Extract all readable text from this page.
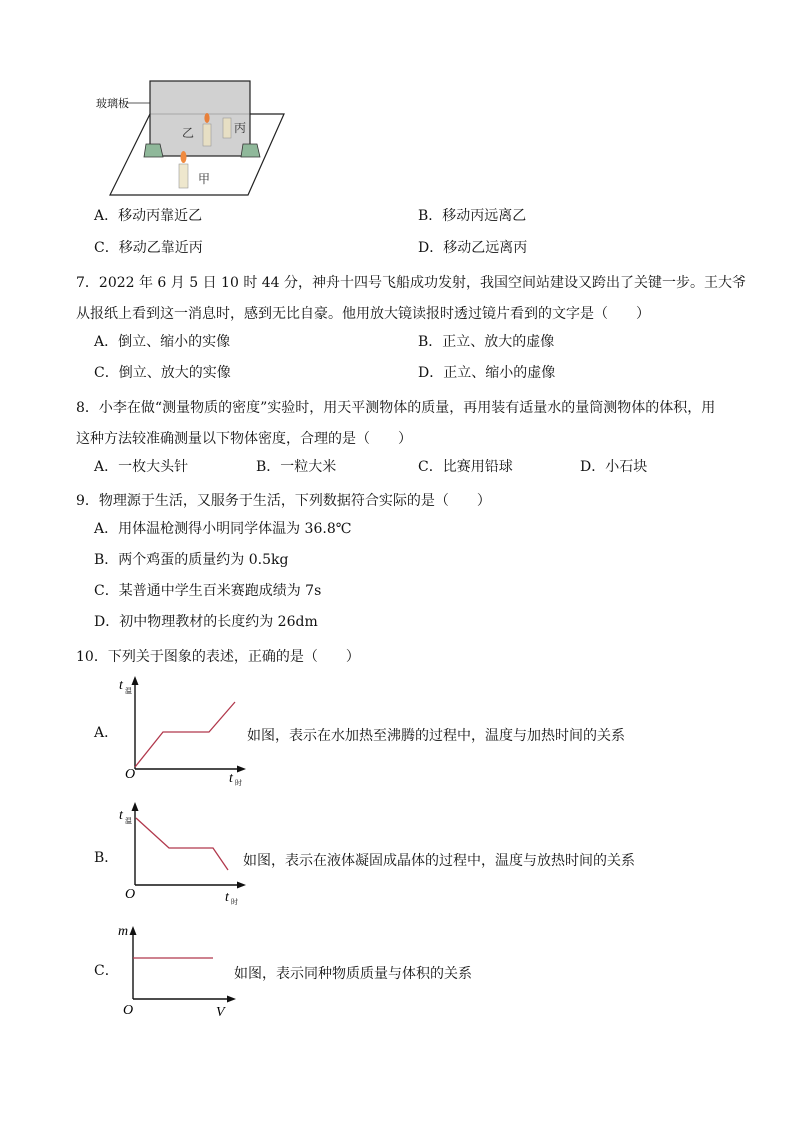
玻璃板
乙	丙
甲
A．移动丙靠近乙	B．移动丙远离乙
C．移动乙靠近丙	D．移动乙远离丙
7．2022 年 6 月 5 日 10 时 44 分，神舟十四号飞船成功发射，我国空间站建设又跨出了关键一步。王大爷
从报纸上看到这一消息时，感到无比自豪。他用放大镜读报时透过镜片看到的文字是（　　）
A．倒立、缩小的实像	B．正立、放大的虚像
C．倒立、放大的实像	D．正立、缩小的虚像
8．小李在做“测量物质的密度”实验时，用天平测物体的质量，再用装有适量水的量筒测物体的体积，用
这种方法较准确测量以下物体密度，合理的是（　　）
A．一枚大头针	B．一粒大米	C．比赛用铅球	D．小石块
9．物理源于生活，又服务于生活，下列数据符合实际的是（　　）
A．用体温枪测得小明同学体温为 36.8℃
B．两个鸡蛋的质量约为 0.5kg
C．某普通中学生百米赛跑成绩为 7s
D．初中物理教材的长度约为 26dm
10．下列关于图象的表述，正确的是（　　）
A．
t 温
O	t 时
如图，表示在水加热至沸腾的过程中，温度与加热时间的关系
B．
t 温
O	t 时
如图，表示在液体凝固成晶体的过程中，温度与放热时间的关系
C．
m
O	V
如图，表示同种物质质量与体积的关系
